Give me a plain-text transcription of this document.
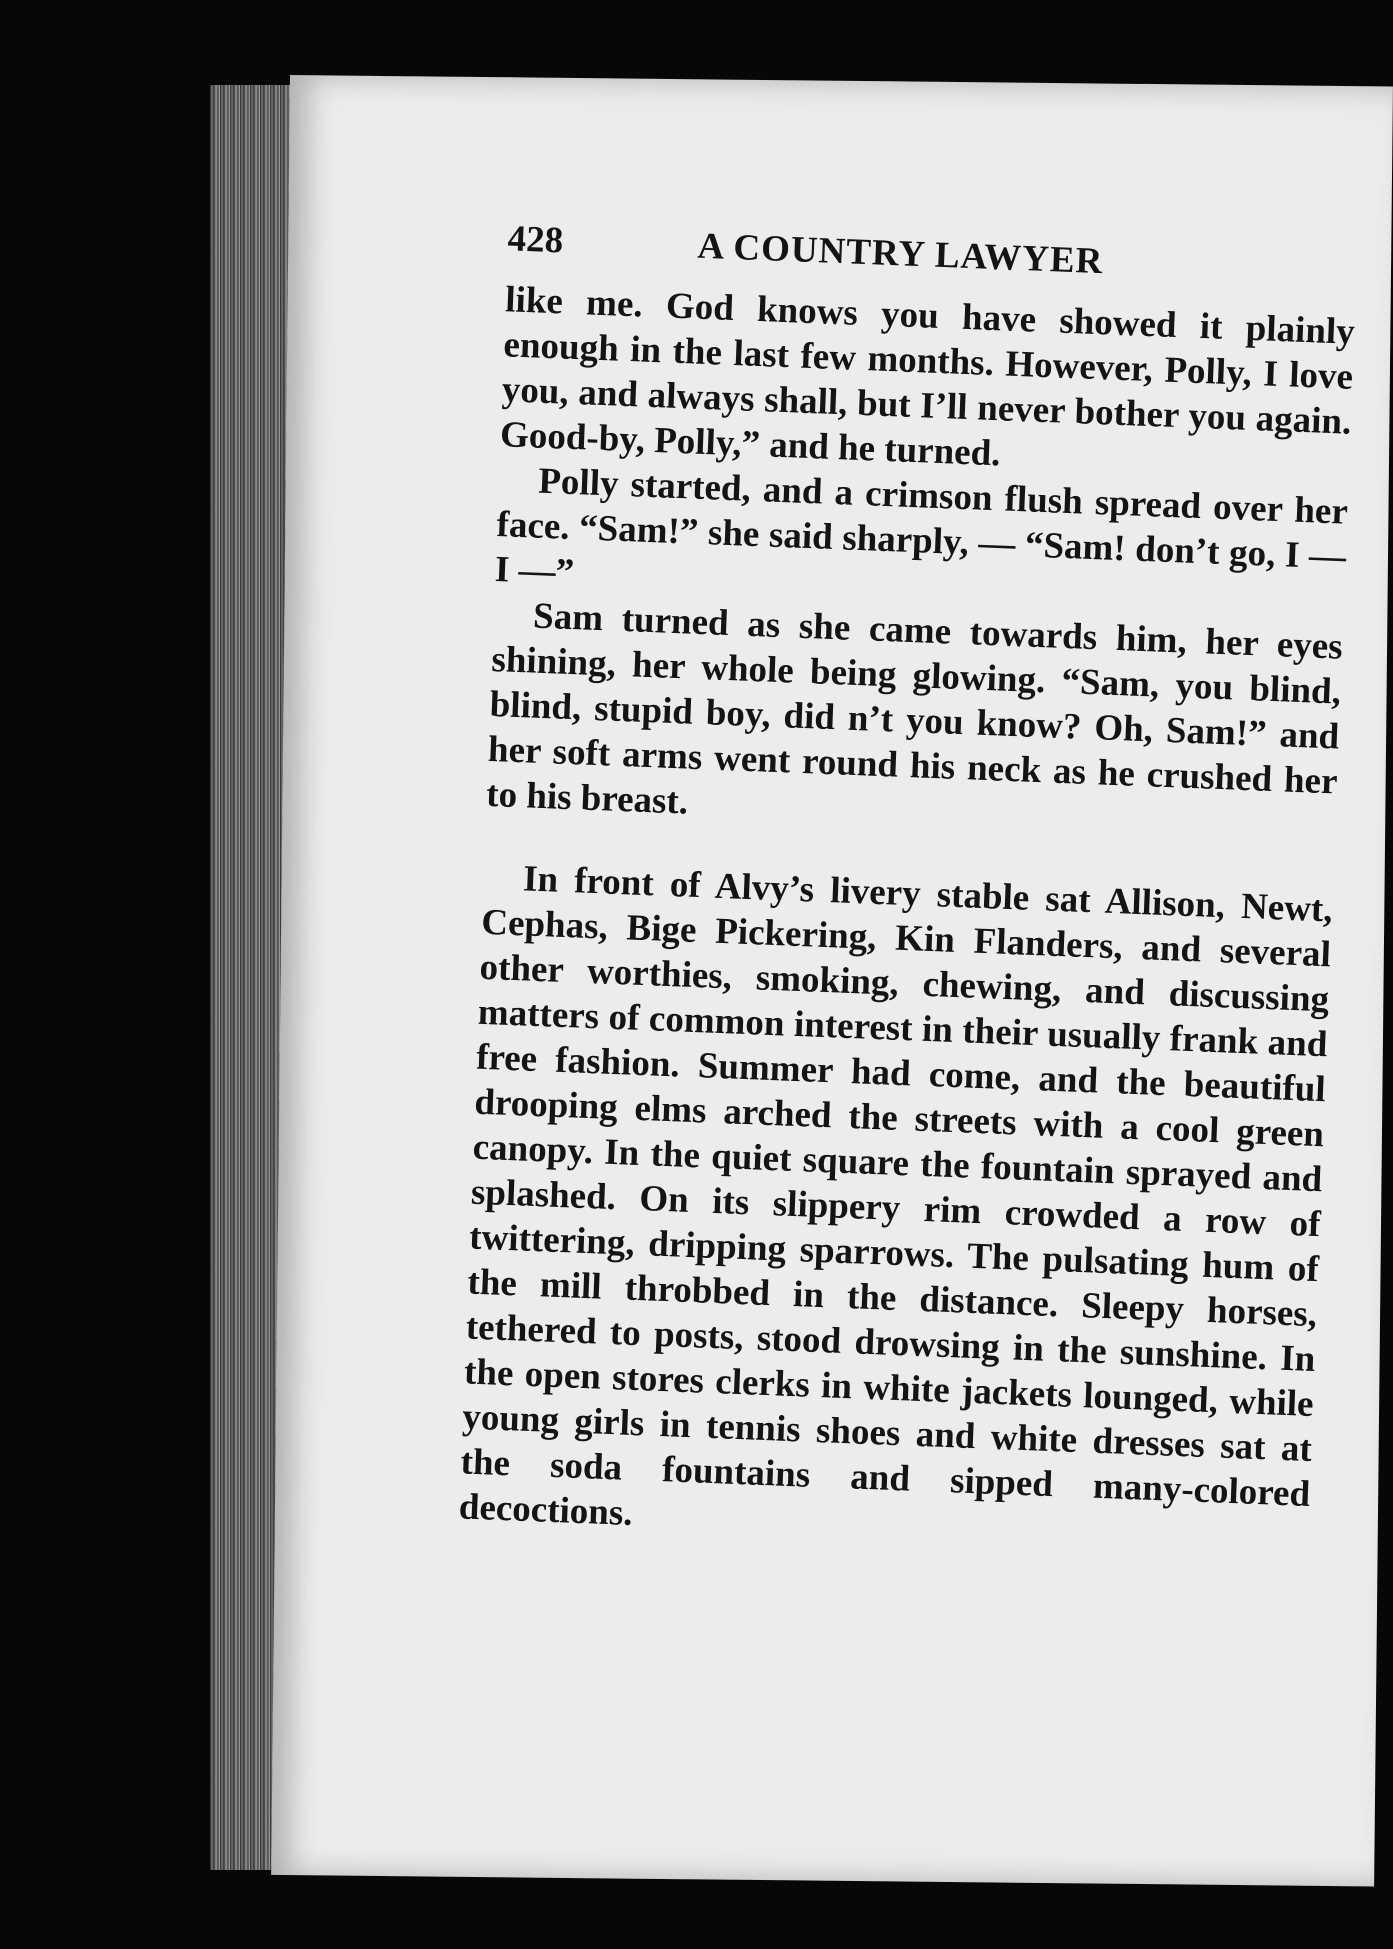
428	A COUNTRY LAWYER

like me. God knows you have showed it plainly enough in the last few months. However, Polly, I love you, and always shall, but I’ll never bother you again. Good-by, Polly,” and he turned.

Polly started, and a crimson flush spread over her face. “Sam!” she said sharply, — “Sam! don’t go, I — I —”

Sam turned as she came towards him, her eyes shining, her whole being glowing. “Sam, you blind, blind, stupid boy, did n’t you know? Oh, Sam!” and her soft arms went round his neck as he crushed her to his breast.

In front of Alvy’s livery stable sat Allison, Newt, Cephas, Bige Pickering, Kin Flanders, and several other worthies, smoking, chewing, and discussing matters of common interest in their usually frank and free fashion. Summer had come, and the beautiful drooping elms arched the streets with a cool green canopy. In the quiet square the fountain sprayed and splashed. On its slippery rim crowded a row of twittering, dripping sparrows. The pulsating hum of the mill throbbed in the distance. Sleepy horses, tethered to posts, stood drowsing in the sunshine. In the open stores clerks in white jackets lounged, while young girls in tennis shoes and white dresses sat at the soda fountains and sipped many-colored decoctions.
